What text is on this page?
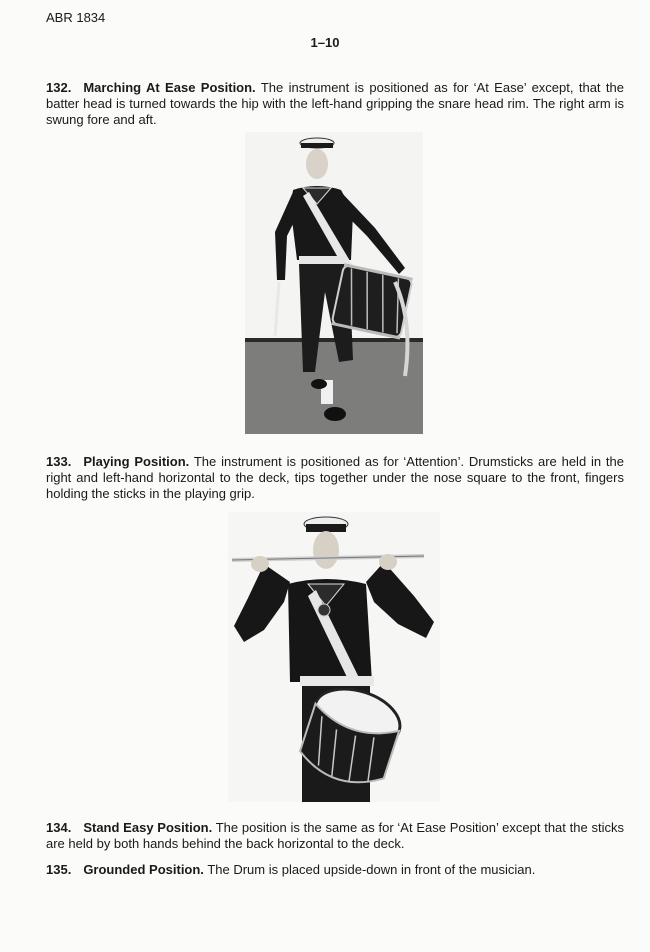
ABR 1834
1–10
132. Marching At Ease Position. The instrument is positioned as for ‘At Ease’ except, that the batter head is turned towards the hip with the left-hand gripping the snare head rim. The right arm is swung fore and aft.
133. Playing Position. The instrument is positioned as for ‘Attention’. Drumsticks are held in the right and left-hand horizontal to the deck, tips together under the nose square to the front, fingers holding the sticks in the playing grip.
134. Stand Easy Position. The position is the same as for ‘At Ease Position’ except that the sticks are held by both hands behind the back horizontal to the deck.
135. Grounded Position. The Drum is placed upside-down in front of the musician.
